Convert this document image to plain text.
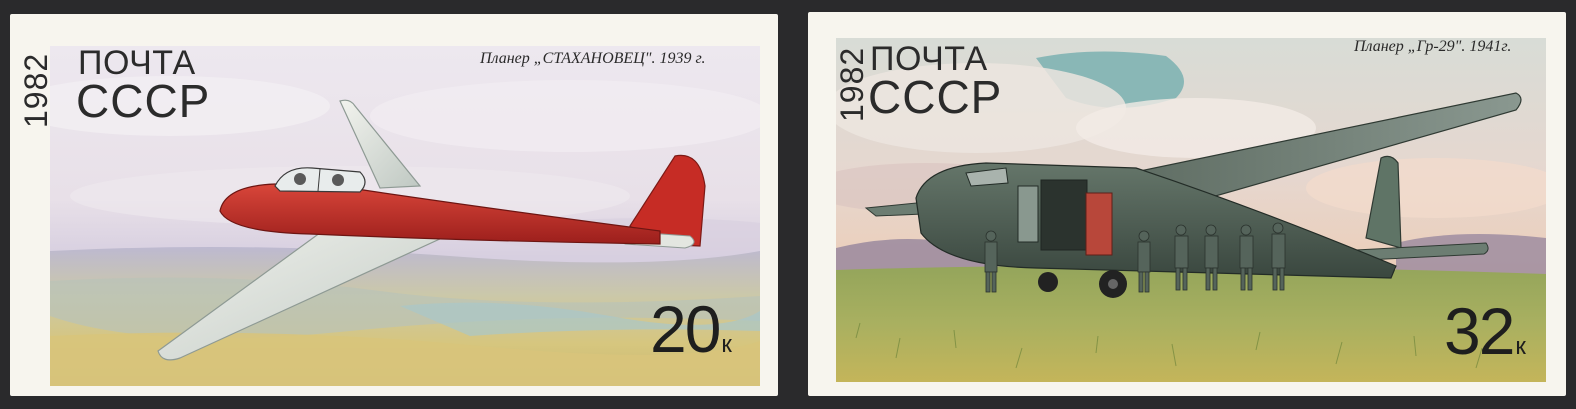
1982 ПОЧТА
СССР
Планер „СТАХАНОВЕЦ". 1939 г.
20к
1982 ПОЧТА
СССР
Планер „Гр-29". 1941г.
32к
